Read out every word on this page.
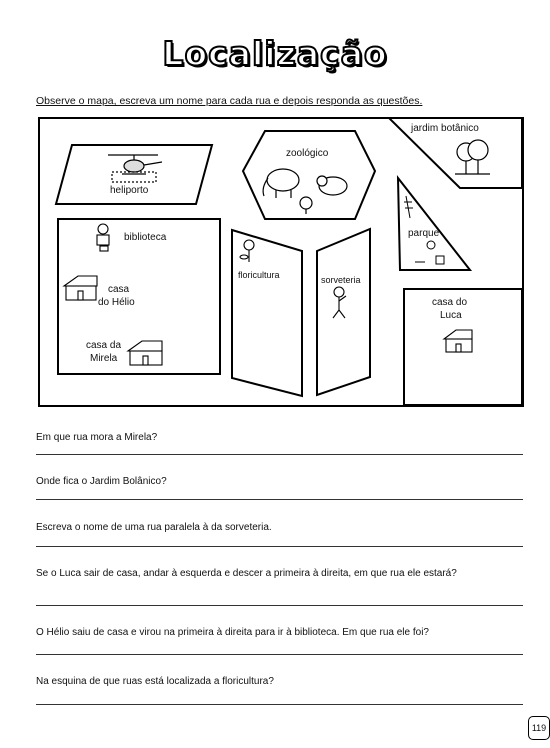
Localização
Observe o mapa, escreva um nome para cada rua e depois responda as questões.
heliporto
zoológico
jardim botânico
parque
biblioteca
casa
do Hélio
casa da
Mirela
floricultura	sorveteria
casa do
Luca
Em que rua mora a Mirela?
Onde fica o Jardim Bolânico?
Escreva o nome de uma rua paralela à da sorveteria.
Se o Luca sair de casa, andar à esquerda e descer a primeira à direita, em que rua ele estará?
O Hélio saiu de casa e virou na primeira à direita para ir à biblioteca. Em que rua ele foi?
Na esquina de que ruas está localizada a floricultura?
119
